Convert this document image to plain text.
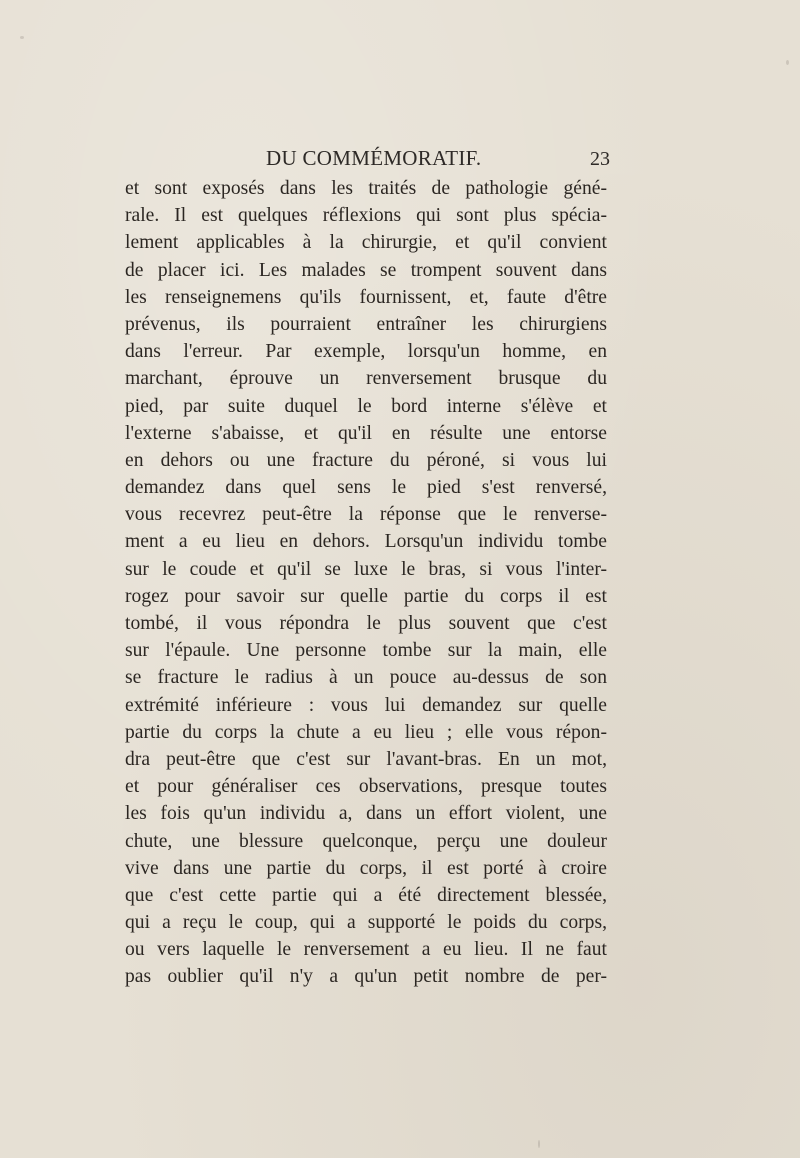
DU COMMÉMORATIF.	23
et sont exposés dans les traités de pathologie géné-
rale. Il est quelques réflexions qui sont plus spécia-
lement applicables à la chirurgie, et qu'il convient
de placer ici. Les malades se trompent souvent dans
les renseignemens qu'ils fournissent, et, faute d'être
prévenus, ils pourraient entraîner les chirurgiens
dans l'erreur. Par exemple, lorsqu'un homme, en
marchant, éprouve un renversement brusque du
pied, par suite duquel le bord interne s'élève et
l'externe s'abaisse, et qu'il en résulte une entorse
en dehors ou une fracture du péroné, si vous lui
demandez dans quel sens le pied s'est renversé,
vous recevrez peut-être la réponse que le renverse-
ment a eu lieu en dehors. Lorsqu'un individu tombe
sur le coude et qu'il se luxe le bras, si vous l'inter-
rogez pour savoir sur quelle partie du corps il est
tombé, il vous répondra le plus souvent que c'est
sur l'épaule. Une personne tombe sur la main, elle
se fracture le radius à un pouce au-dessus de son
extrémité inférieure : vous lui demandez sur quelle
partie du corps la chute a eu lieu ; elle vous répon-
dra peut-être que c'est sur l'avant-bras. En un mot,
et pour généraliser ces observations, presque toutes
les fois qu'un individu a, dans un effort violent, une
chute, une blessure quelconque, perçu une douleur
vive dans une partie du corps, il est porté à croire
que c'est cette partie qui a été directement blessée,
qui a reçu le coup, qui a supporté le poids du corps,
ou vers laquelle le renversement a eu lieu. Il ne faut
pas oublier qu'il n'y a qu'un petit nombre de per-
